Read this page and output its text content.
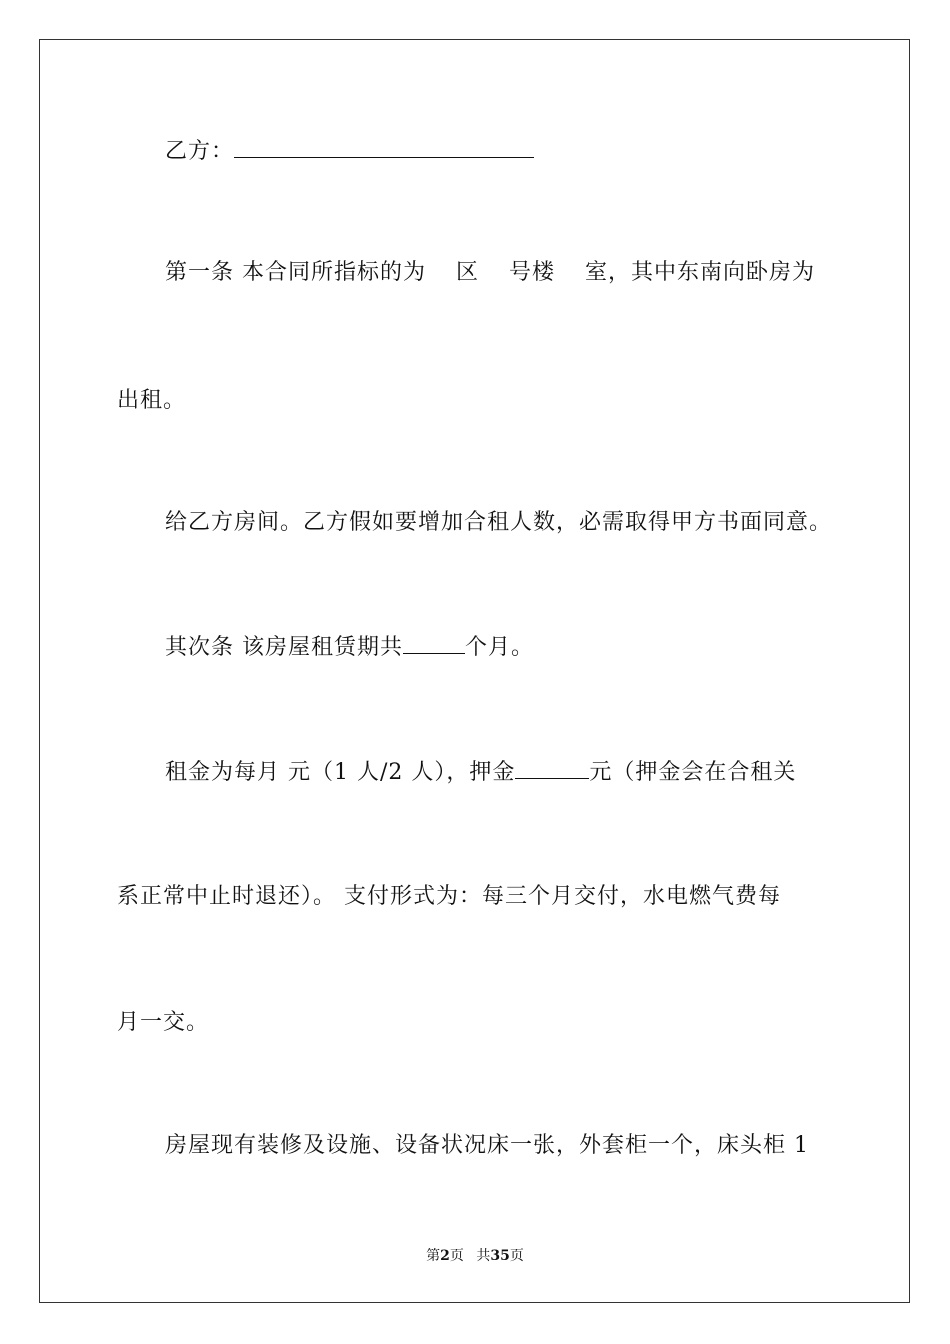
乙方：
第一条 本合同所指标的为 区 号楼 室，其中东南向卧房为
出租。
给乙方房间。乙方假如要增加合租人数，必需取得甲方书面同意。
其次条 该房屋租赁期共	个月。
租金为每月 元（1 人/2 人），押金	元（押金会在合租关
系正常中止时退还）。 支付形式为：每三个月交付，水电燃气费每
月一交。
房屋现有装修及设施、设备状况床一张，外套柜一个，床头柜 1
第2页 共35页
